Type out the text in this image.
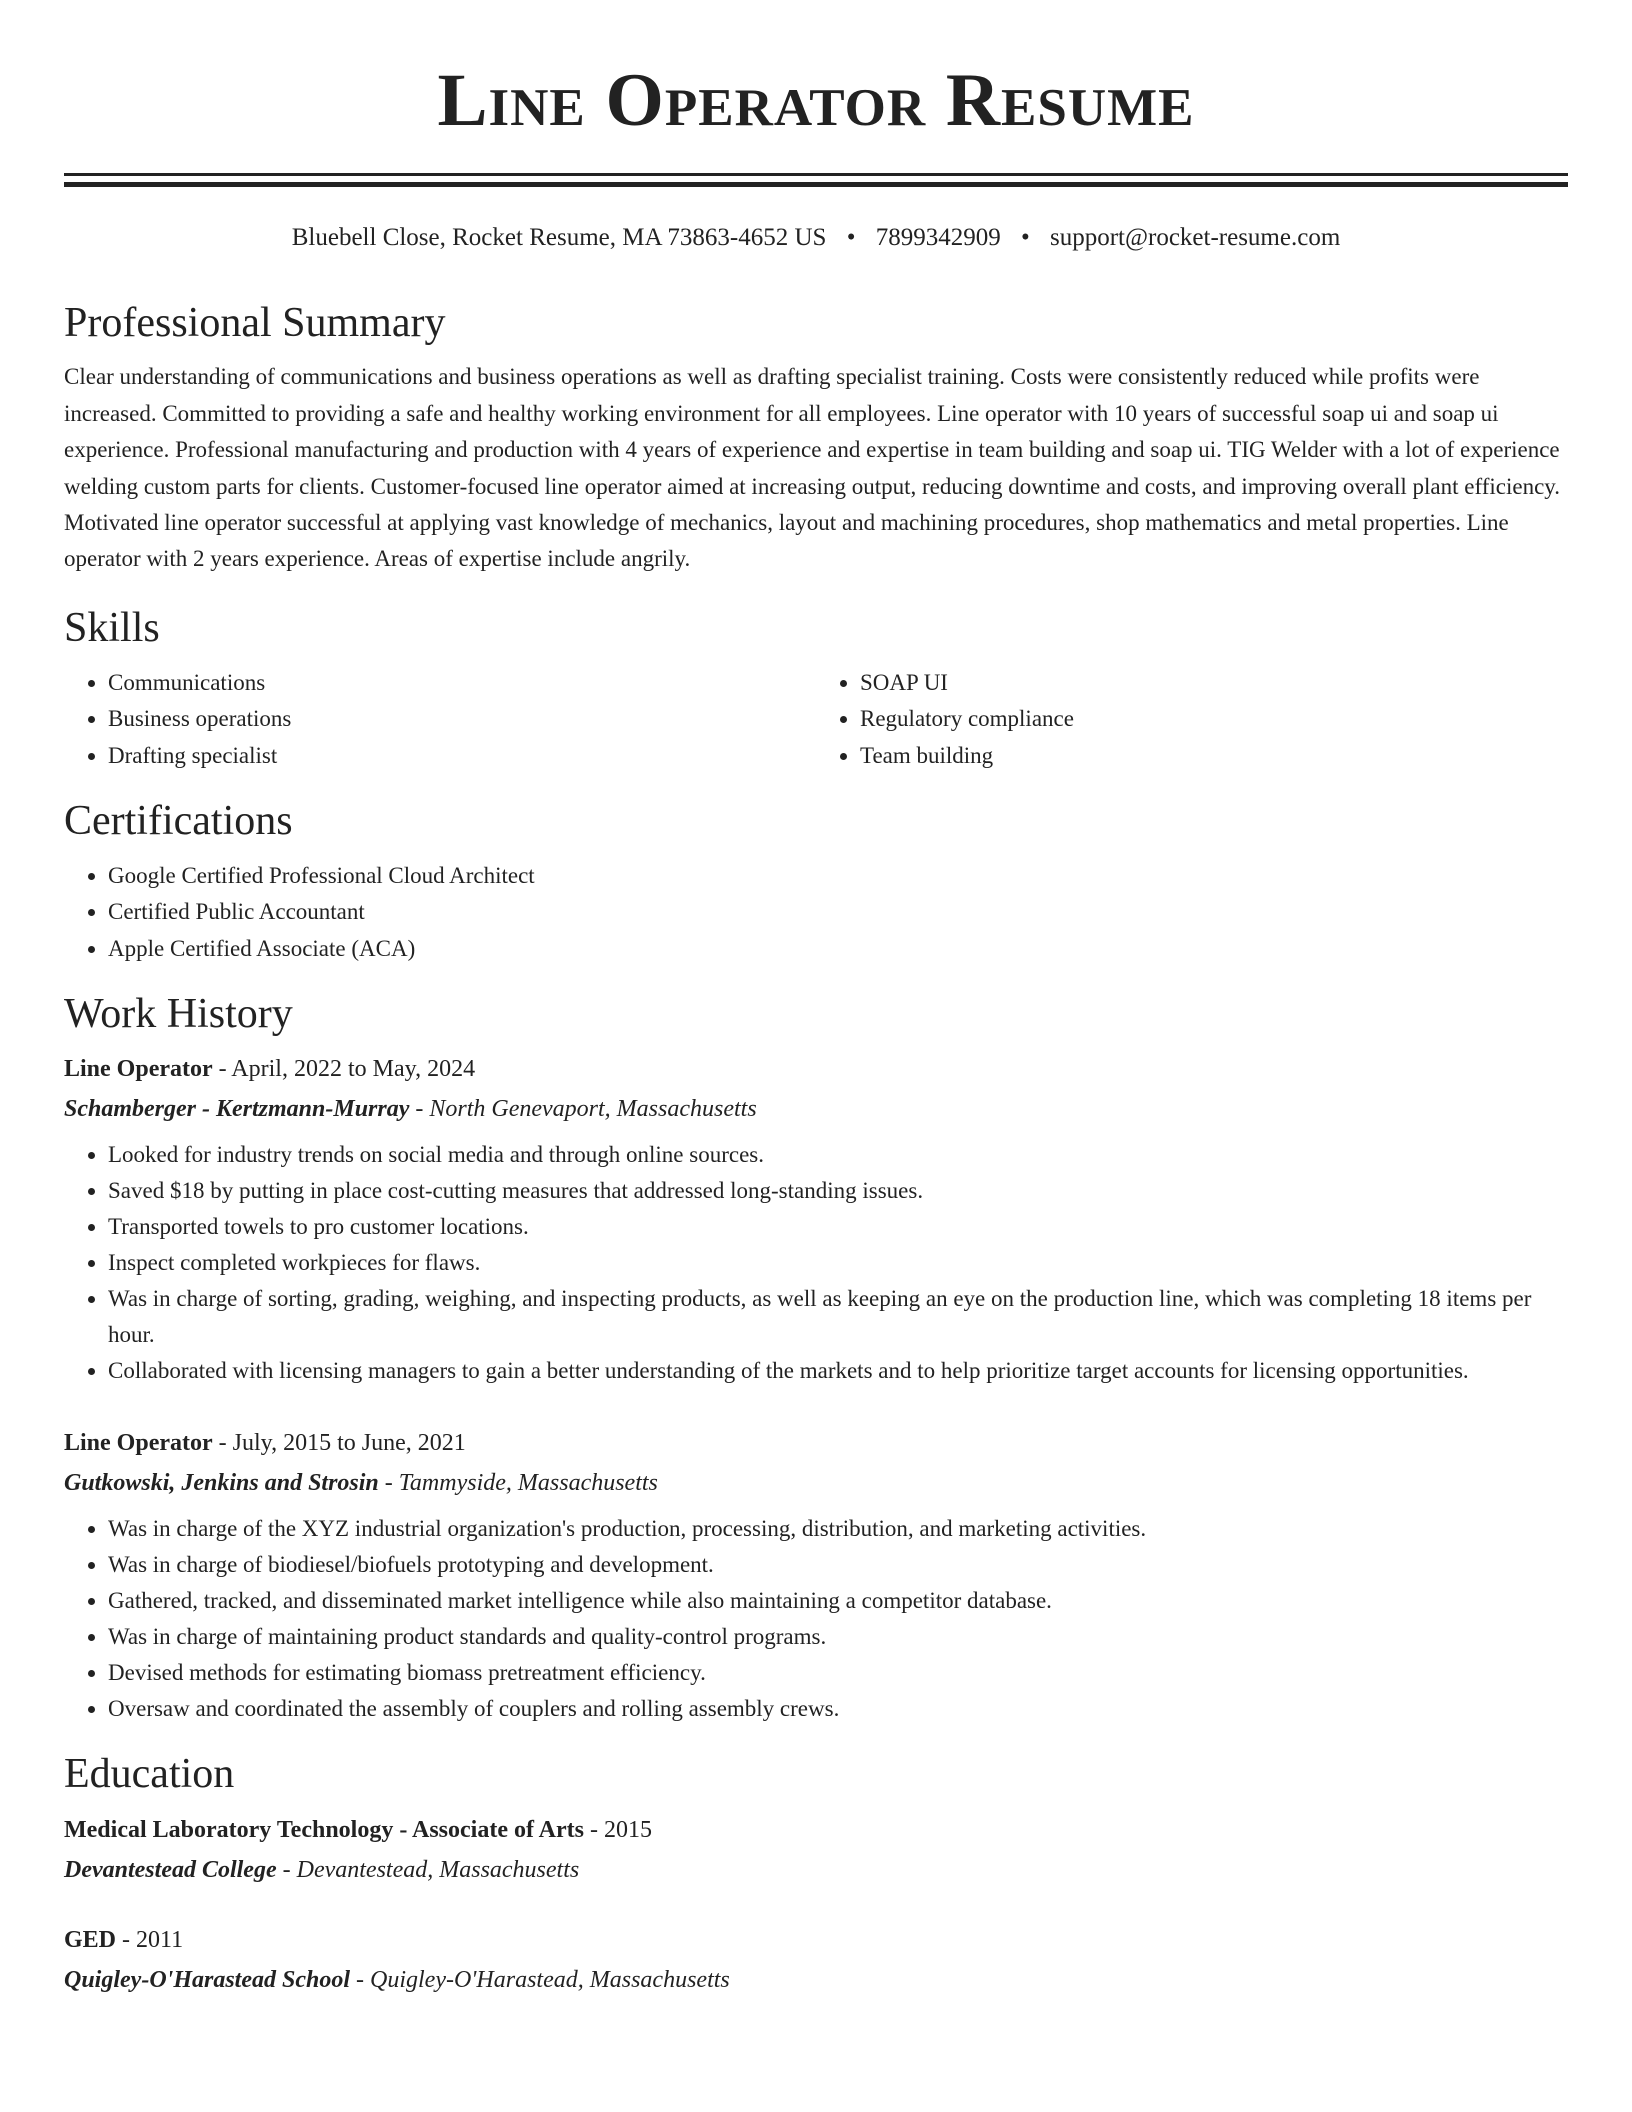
Line Operator Resume
Bluebell Close, Rocket Resume, MA 73863-4652 US • 7899342909 • support@rocket-resume.com
Professional Summary

Clear understanding of communications and business operations as well as drafting specialist training. Costs were consistently reduced while profits were increased. Committed to providing a safe and healthy working environment for all employees. Line operator with 10 years of successful soap ui and soap ui experience. Professional manufacturing and production with 4 years of experience and expertise in team building and soap ui. TIG Welder with a lot of experience welding custom parts for clients. Customer-focused line operator aimed at increasing output, reducing downtime and costs, and improving overall plant efficiency. Motivated line operator successful at applying vast knowledge of mechanics, layout and machining procedures, shop mathematics and metal properties. Line operator with 2 years experience. Areas of expertise include angrily.

Skills
• Communications
• Business operations
• Drafting specialist
• SOAP UI
• Regulatory compliance
• Team building
Certifications
• Google Certified Professional Cloud Architect
• Certified Public Accountant
• Apple Certified Associate (ACA)
Work History

Line Operator - April, 2022 to May, 2024

Schamberger - Kertzmann-Murray - North Genevaport, Massachusetts

• Looked for industry trends on social media and through online sources.
• Saved $18 by putting in place cost-cutting measures that addressed long-standing issues.
• Transported towels to pro customer locations.
• Inspect completed workpieces for flaws.
• Was in charge of sorting, grading, weighing, and inspecting products, as well as keeping an eye on the production line, which was completing 18 items per hour.
• Collaborated with licensing managers to gain a better understanding of the markets and to help prioritize target accounts for licensing opportunities.

Line Operator - July, 2015 to June, 2021

Gutkowski, Jenkins and Strosin - Tammyside, Massachusetts

• Was in charge of the XYZ industrial organization's production, processing, distribution, and marketing activities.
• Was in charge of biodiesel/biofuels prototyping and development.
• Gathered, tracked, and disseminated market intelligence while also maintaining a competitor database.
• Was in charge of maintaining product standards and quality-control programs.
• Devised methods for estimating biomass pretreatment efficiency.
• Oversaw and coordinated the assembly of couplers and rolling assembly crews.
Education

Medical Laboratory Technology - Associate of Arts - 2015

Devantestead College - Devantestead, Massachusetts

GED - 2011

Quigley-O'Harastead School - Quigley-O'Harastead, Massachusetts
